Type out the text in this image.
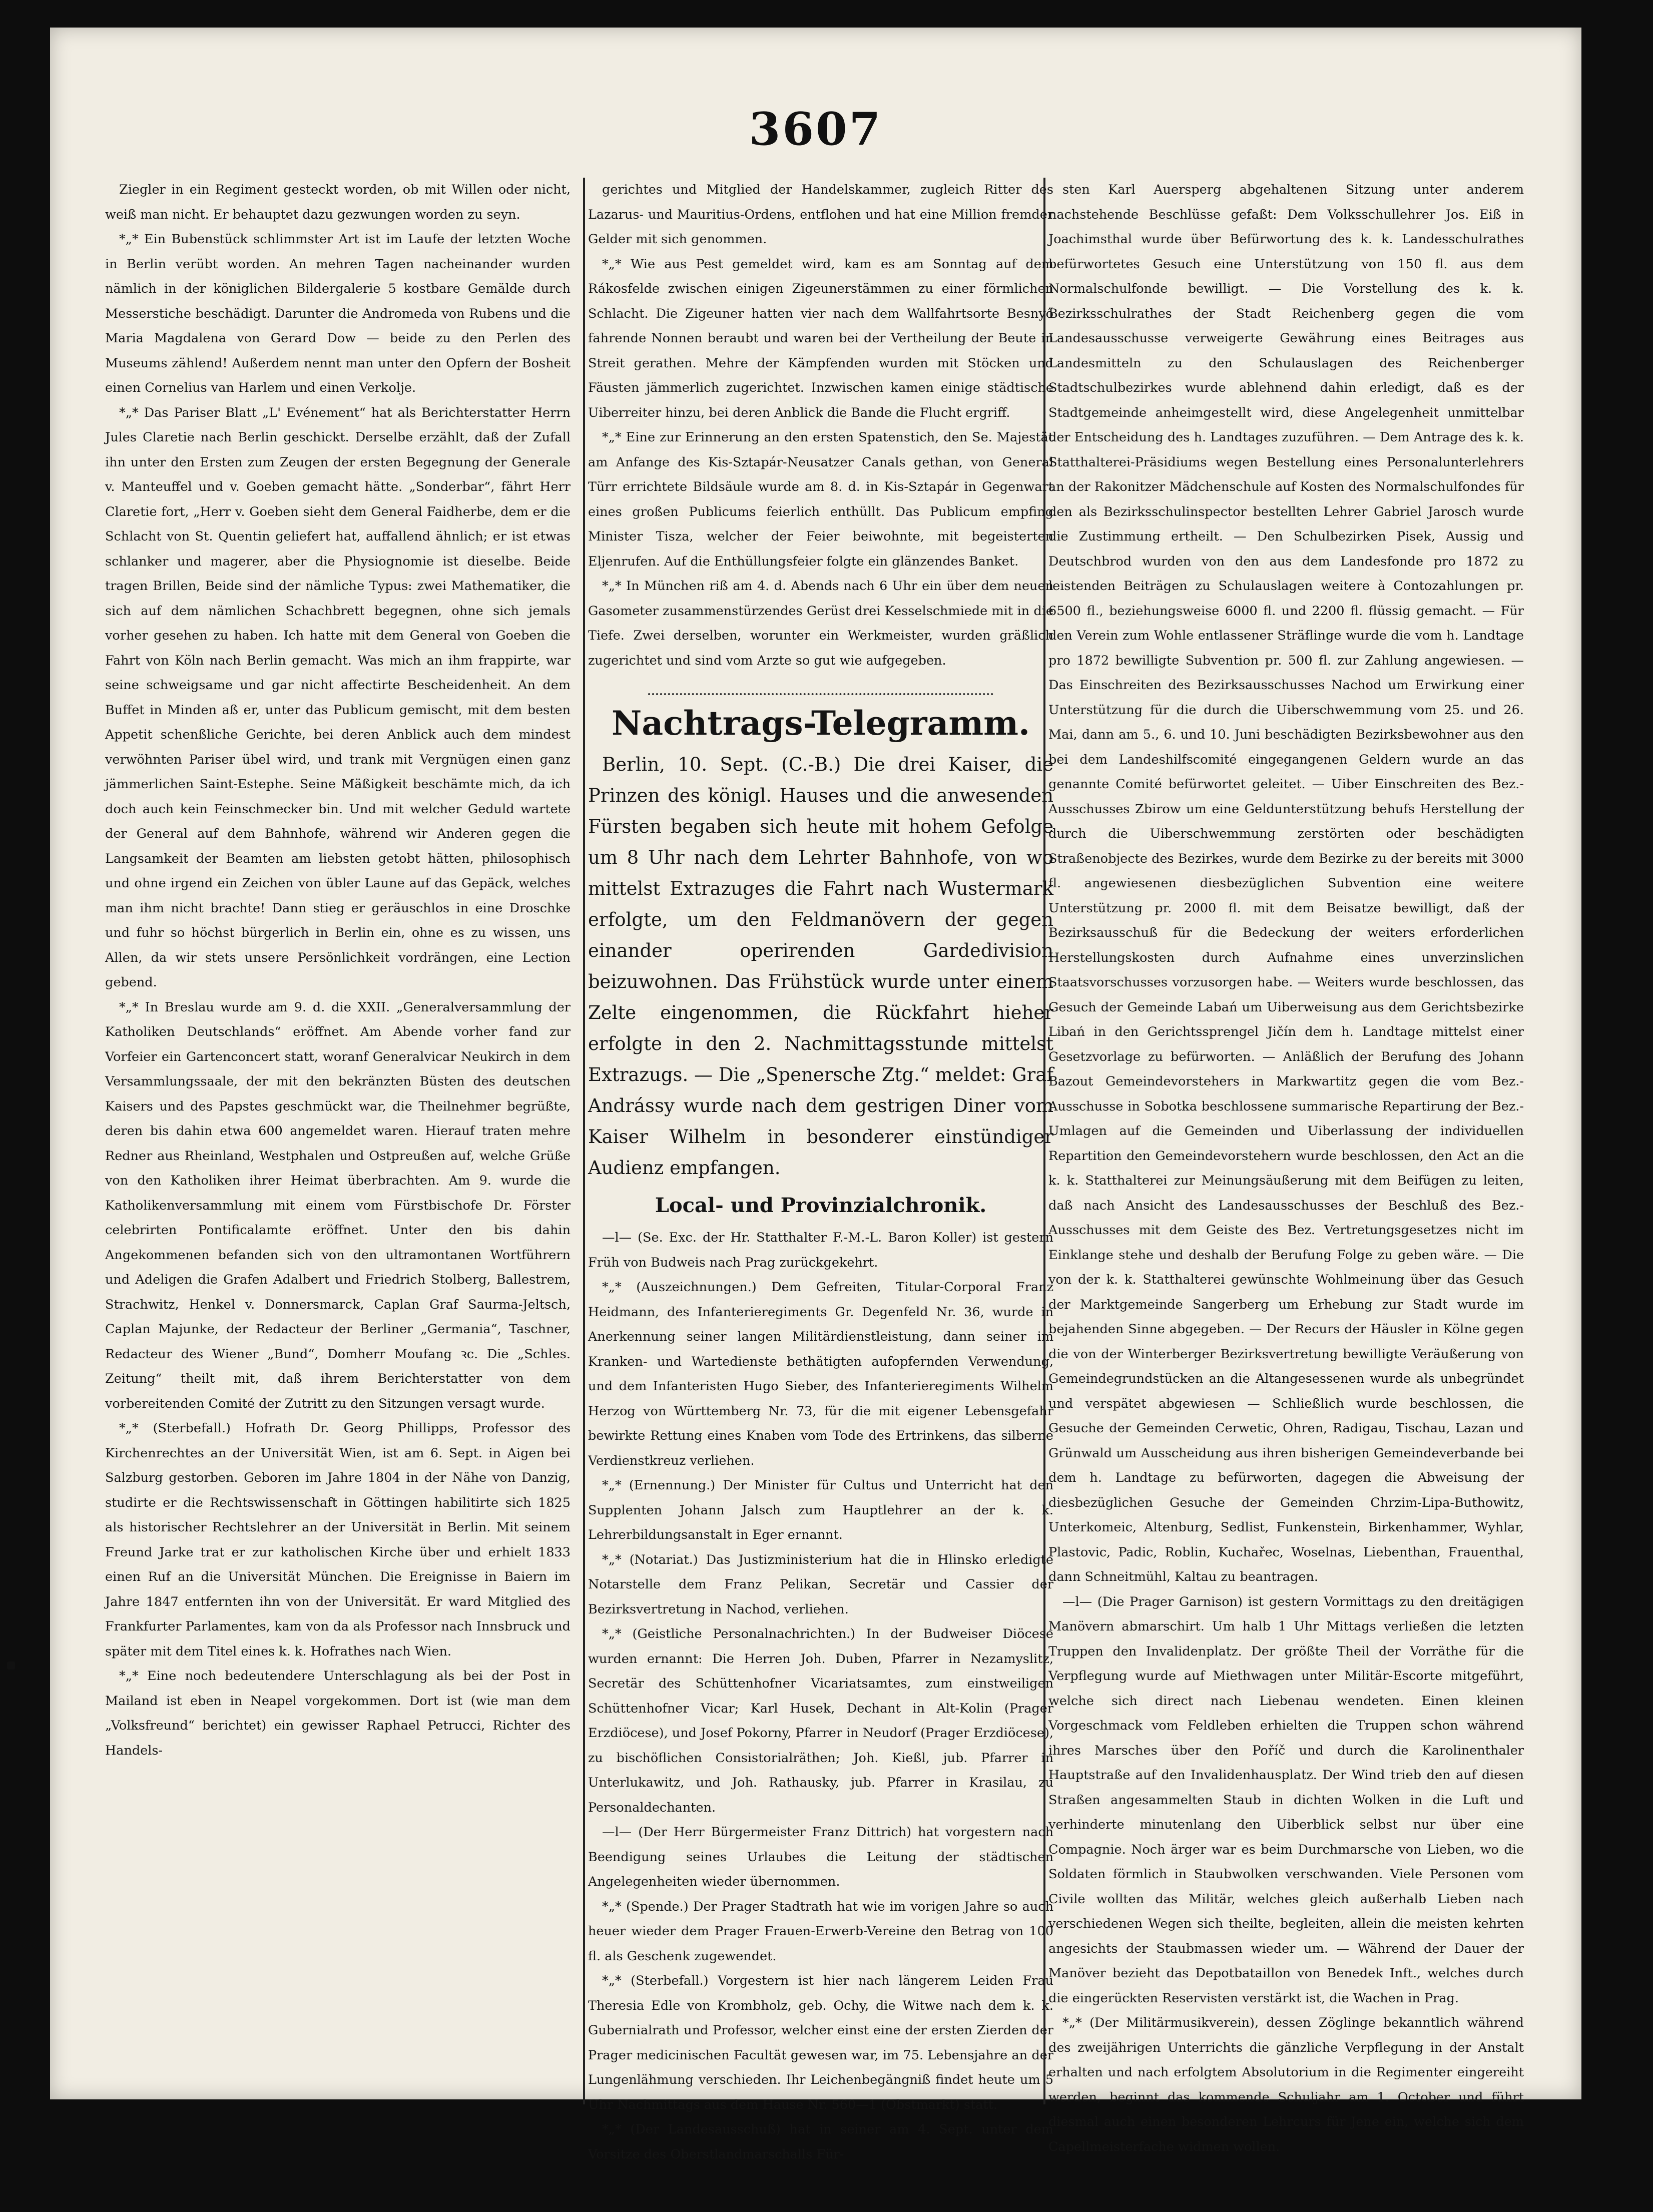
3607

Ziegler in ein Regiment gesteckt worden, ob mit Willen oder nicht, weiß man nicht. Er behauptet dazu gezwungen worden zu seyn.

*„* Ein Bubenstück schlimmster Art ist im Laufe der letzten Woche in Berlin verübt worden. An mehren Tagen nacheinander wurden nämlich in der königlichen Bildergalerie 5 kostbare Gemälde durch Messerstiche beschädigt. Darunter die Andromeda von Rubens und die Maria Magdalena von Gerard Dow — beide zu den Perlen des Museums zählend! Außerdem nennt man unter den Opfern der Bosheit einen Cornelius van Harlem und einen Verkolje.

*„* Das Pariser Blatt „L' Evénement“ hat als Berichterstatter Herrn Jules Claretie nach Berlin geschickt. Derselbe erzählt, daß der Zufall ihn unter den Ersten zum Zeugen der ersten Begegnung der Generale v. Manteuffel und v. Goeben gemacht hätte. „Sonderbar“, fährt Herr Claretie fort, „Herr v. Goeben sieht dem General Faidherbe, dem er die Schlacht von St. Quentin geliefert hat, auffallend ähnlich; er ist etwas schlanker und magerer, aber die Physiognomie ist dieselbe. Beide tragen Brillen, Beide sind der nämliche Typus: zwei Mathematiker, die sich auf dem nämlichen Schachbrett begegnen, ohne sich jemals vorher gesehen zu haben. Ich hatte mit dem General von Goeben die Fahrt von Köln nach Berlin gemacht. Was mich an ihm frappirte, war seine schweigsame und gar nicht affectirte Bescheidenheit. An dem Buffet in Minden aß er, unter das Publicum gemischt, mit dem besten Appetit schenßliche Gerichte, bei deren Anblick auch dem mindest verwöhnten Pariser übel wird, und trank mit Vergnügen einen ganz jämmerlichen Saint-Estephe. Seine Mäßigkeit beschämte mich, da ich doch auch kein Feinschmecker bin. Und mit welcher Geduld wartete der General auf dem Bahnhofe, während wir Anderen gegen die Langsamkeit der Beamten am liebsten getobt hätten, philosophisch und ohne irgend ein Zeichen von übler Laune auf das Gepäck, welches man ihm nicht brachte! Dann stieg er geräuschlos in eine Droschke und fuhr so höchst bürgerlich in Berlin ein, ohne es zu wissen, uns Allen, da wir stets unsere Persönlichkeit vordrängen, eine Lection gebend.

*„* In Breslau wurde am 9. d. die XXII. „Generalversammlung der Katholiken Deutschlands“ eröffnet. Am Abende vorher fand zur Vorfeier ein Gartenconcert statt, woranf Generalvicar Neukirch in dem Versammlungssaale, der mit den bekränzten Büsten des deutschen Kaisers und des Papstes geschmückt war, die Theilnehmer begrüßte, deren bis dahin etwa 600 angemeldet waren. Hierauf traten mehre Redner aus Rheinland, Westphalen und Ostpreußen auf, welche Grüße von den Katholiken ihrer Heimat überbrachten. Am 9. wurde die Katholikenversammlung mit einem vom Fürstbischofe Dr. Förster celebrirten Pontificalamte eröffnet. Unter den bis dahin Angekommenen befanden sich von den ultramontanen Wortführern und Adeligen die Grafen Adalbert und Friedrich Stolberg, Ballestrem, Strachwitz, Henkel v. Donnersmarck, Caplan Graf Saurma-Jeltsch, Caplan Majunke, der Redacteur der Berliner „Germania“, Taschner, Redacteur des Wiener „Bund“, Domherr Moufang ꝛc. Die „Schles. Zeitung“ theilt mit, daß ihrem Berichterstatter von dem vorbereitenden Comité der Zutritt zu den Sitzungen versagt wurde.

*„* (Sterbefall.) Hofrath Dr. Georg Phillipps, Professor des Kirchenrechtes an der Universität Wien, ist am 6. Sept. in Aigen bei Salzburg gestorben. Geboren im Jahre 1804 in der Nähe von Danzig, studirte er die Rechtswissenschaft in Göttingen habilitirte sich 1825 als historischer Rechtslehrer an der Universität in Berlin. Mit seinem Freund Jarke trat er zur katholischen Kirche über und erhielt 1833 einen Ruf an die Universität München. Die Ereignisse in Baiern im Jahre 1847 entfernten ihn von der Universität. Er ward Mitglied des Frankfurter Parlamentes, kam von da als Professor nach Innsbruck und später mit dem Titel eines k. k. Hofrathes nach Wien.

*„* Eine noch bedeutendere Unterschlagung als bei der Post in Mailand ist eben in Neapel vorgekommen. Dort ist (wie man dem „Volksfreund“ berichtet) ein gewisser Raphael Petrucci, Richter des Handels-

gerichtes und Mitglied der Handelskammer, zugleich Ritter des Lazarus- und Mauritius-Ordens, entflohen und hat eine Million fremder Gelder mit sich genommen.

*„* Wie aus Pest gemeldet wird, kam es am Sonntag auf dem Rákosfelde zwischen einigen Zigeunerstämmen zu einer förmlichen Schlacht. Die Zigeuner hatten vier nach dem Wallfahrtsorte Besnyő fahrende Nonnen beraubt und waren bei der Vertheilung der Beute in Streit gerathen. Mehre der Kämpfenden wurden mit Stöcken und Fäusten jämmerlich zugerichtet. Inzwischen kamen einige städtische Uiberreiter hinzu, bei deren Anblick die Bande die Flucht ergriff.

*„* Eine zur Erinnerung an den ersten Spatenstich, den Se. Majestät am Anfange des Kis-Sztapár-Neusatzer Canals gethan, von General Türr errichtete Bildsäule wurde am 8. d. in Kis-Sztapár in Gegenwart eines großen Publicums feierlich enthüllt. Das Publicum empfing Minister Tisza, welcher der Feier beiwohnte, mit begeisterten Eljenrufen. Auf die Enthüllungsfeier folgte ein glänzendes Banket.

*„* In München riß am 4. d. Abends nach 6 Uhr ein über dem neuen Gasometer zusammenstürzendes Gerüst drei Kesselschmiede mit in die Tiefe. Zwei derselben, worunter ein Werkmeister, wurden gräßlich zugerichtet und sind vom Arzte so gut wie aufgegeben.

Nachtrags-Telegramm.

Berlin, 10. Sept. (C.-B.) Die drei Kaiser, die Prinzen des königl. Hauses und die anwesenden Fürsten begaben sich heute mit hohem Gefolge um 8 Uhr nach dem Lehrter Bahnhofe, von wo mittelst Extrazuges die Fahrt nach Wustermark erfolgte, um den Feldmanövern der gegen einander operirenden Gardedivision beizuwohnen. Das Frühstück wurde unter einem Zelte eingenommen, die Rückfahrt hieher erfolgte in den 2. Nachmittagsstunde mittelst Extrazugs. — Die „Spenersche Ztg.“ meldet: Graf Andrássy wurde nach dem gestrigen Diner vom Kaiser Wilhelm in besonderer einstündiger Audienz empfangen.

Local- und Provinzialchronik.

—l— (Se. Exc. der Hr. Statthalter F.-M.-L. Baron Koller) ist gestern Früh von Budweis nach Prag zurückgekehrt.

*„* (Auszeichnungen.) Dem Gefreiten, Titular-Corporal Franz Heidmann, des Infanterieregiments Gr. Degenfeld Nr. 36, wurde in Anerkennung seiner langen Militärdienstleistung, dann seiner im Kranken- und Wartedienste bethätigten aufopfernden Verwendung, und dem Infanteristen Hugo Sieber, des Infanterieregiments Wilhelm Herzog von Württemberg Nr. 73, für die mit eigener Lebensgefahr bewirkte Rettung eines Knaben vom Tode des Ertrinkens, das silberne Verdienstkreuz verliehen.

*„* (Ernennung.) Der Minister für Cultus und Unterricht hat den Supplenten Johann Jalsch zum Hauptlehrer an der k. k. Lehrerbildungsanstalt in Eger ernannt.

*„* (Notariat.) Das Justizministerium hat die in Hlinsko erledigte Notarstelle dem Franz Pelikan, Secretär und Cassier der Bezirksvertretung in Nachod, verliehen.

*„* (Geistliche Personalnachrichten.) In der Budweiser Diöcese wurden ernannt: Die Herren Joh. Duben, Pfarrer in Nezamyslitz, Secretär des Schüttenhofner Vicariatsamtes, zum einstweiligen Schüttenhofner Vicar; Karl Husek, Dechant in Alt-Kolin (Prager Erzdiöcese), und Josef Pokorny, Pfarrer in Neudorf (Prager Erzdiöcese), zu bischöflichen Consistorialräthen; Joh. Kießl, jub. Pfarrer in Unterlukawitz, und Joh. Rathausky, jub. Pfarrer in Krasilau, zu Personaldechanten.

—l— (Der Herr Bürgermeister Franz Dittrich) hat vorgestern nach Beendigung seines Urlaubes die Leitung der städtischen Angelegenheiten wieder übernommen.

*„* (Spende.) Der Prager Stadtrath hat wie im vorigen Jahre so auch heuer wieder dem Prager Frauen-Erwerb-Vereine den Betrag von 100 fl. als Geschenk zugewendet.

*„* (Sterbefall.) Vorgestern ist hier nach längerem Leiden Frau Theresia Edle von Krombholz, geb. Ochy, die Witwe nach dem k. k. Gubernialrath und Professor, welcher einst eine der ersten Zierden der Prager medicinischen Facultät gewesen war, im 75. Lebensjahre an der Lungenlähmung verschieden. Ihr Leichenbegängniß findet heute um 5 Uhr Nachmittags aus dem Hause Nr. 560—1 (Obstmarkt) statt.

*„* (Der Landesausschuß) hat in seiner am 4. Sept. unter dem Vorsitze des Oberstlandmarschalls Für-

sten Karl Auersperg abgehaltenen Sitzung unter anderem nachstehende Beschlüsse gefaßt: Dem Volksschullehrer Jos. Eiß in Joachimsthal wurde über Befürwortung des k. k. Landesschulrathes befürwortetes Gesuch eine Unterstützung von 150 fl. aus dem Normalschulfonde bewilligt. — Die Vorstellung des k. k. Bezirksschulrathes der Stadt Reichenberg gegen die vom Landesausschusse verweigerte Gewährung eines Beitrages aus Landesmitteln zu den Schulauslagen des Reichenberger Stadtschulbezirkes wurde ablehnend dahin erledigt, daß es der Stadtgemeinde anheimgestellt wird, diese Angelegenheit unmittelbar der Entscheidung des h. Landtages zuzuführen. — Dem Antrage des k. k. Statthalterei-Präsidiums wegen Bestellung eines Personalunterlehrers an der Rakonitzer Mädchenschule auf Kosten des Normalschulfondes für den als Bezirksschulinspector bestellten Lehrer Gabriel Jarosch wurde die Zustimmung ertheilt. — Den Schulbezirken Pisek, Aussig und Deutschbrod wurden von den aus dem Landesfonde pro 1872 zu leistenden Beiträgen zu Schulauslagen weitere à Contozahlungen pr. 6500 fl., beziehungsweise 6000 fl. und 2200 fl. flüssig gemacht. — Für den Verein zum Wohle entlassener Sträflinge wurde die vom h. Landtage pro 1872 bewilligte Subvention pr. 500 fl. zur Zahlung angewiesen. — Das Einschreiten des Bezirksausschusses Nachod um Erwirkung einer Unterstützung für die durch die Uiberschwemmung vom 25. und 26. Mai, dann am 5., 6. und 10. Juni beschädigten Bezirksbewohner aus den bei dem Landeshilfscomité eingegangenen Geldern wurde an das genannte Comité befürwortet geleitet. — Uiber Einschreiten des Bez.-Ausschusses Zbirow um eine Geldunterstützung behufs Herstellung der durch die Uiberschwemmung zerstörten oder beschädigten Straßenobjecte des Bezirkes, wurde dem Bezirke zu der bereits mit 3000 fl. angewiesenen diesbezüglichen Subvention eine weitere Unterstützung pr. 2000 fl. mit dem Beisatze bewilligt, daß der Bezirksausschuß für die Bedeckung der weiters erforderlichen Herstellungskosten durch Aufnahme eines unverzinslichen Staatsvorschusses vorzusorgen habe. — Weiters wurde beschlossen, das Gesuch der Gemeinde Labań um Uiberweisung aus dem Gerichtsbezirke Libań in den Gerichtssprengel Jičín dem h. Landtage mittelst einer Gesetzvorlage zu befürworten. — Anläßlich der Berufung des Johann Bazout Gemeindevorstehers in Markwartitz gegen die vom Bez.-Ausschusse in Sobotka beschlossene summarische Repartirung der Bez.-Umlagen auf die Gemeinden und Uiberlassung der individuellen Repartition den Gemeindevorstehern wurde beschlossen, den Act an die k. k. Statthalterei zur Meinungsäußerung mit dem Beifügen zu leiten, daß nach Ansicht des Landesausschusses der Beschluß des Bez.-Ausschusses mit dem Geiste des Bez. Vertretungsgesetzes nicht im Einklange stehe und deshalb der Berufung Folge zu geben wäre. — Die von der k. k. Statthalterei gewünschte Wohlmeinung über das Gesuch der Marktgemeinde Sangerberg um Erhebung zur Stadt wurde im bejahenden Sinne abgegeben. — Der Recurs der Häusler in Kölne gegen die von der Winterberger Bezirksvertretung bewilligte Veräußerung von Gemeindegrundstücken an die Altangesessenen wurde als unbegründet und verspätet abgewiesen — Schließlich wurde beschlossen, die Gesuche der Gemeinden Cerwetic, Ohren, Radigau, Tischau, Lazan und Grünwald um Ausscheidung aus ihren bisherigen Gemeindeverbande bei dem h. Landtage zu befürworten, dagegen die Abweisung der diesbezüglichen Gesuche der Gemeinden Chrzim-Lipa-Buthowitz, Unterkomeic, Altenburg, Sedlist, Funkenstein, Birkenhammer, Wyhlar, Plastovic, Padic, Roblin, Kuchařec, Woselnas, Liebenthan, Frauenthal, dann Schneitmühl, Kaltau zu beantragen.

—l— (Die Prager Garnison) ist gestern Vormittags zu den dreitägigen Manövern abmarschirt. Um halb 1 Uhr Mittags verließen die letzten Truppen den Invalidenplatz. Der größte Theil der Vorräthe für die Verpflegung wurde auf Miethwagen unter Militär-Escorte mitgeführt, welche sich direct nach Liebenau wendeten. Einen kleinen Vorgeschmack vom Feldleben erhielten die Truppen schon während ihres Marsches über den Poříč und durch die Karolinenthaler Hauptstraße auf den Invalidenhausplatz. Der Wind trieb den auf diesen Straßen angesammelten Staub in dichten Wolken in die Luft und verhinderte minutenlang den Uiberblick selbst nur über eine Compagnie. Noch ärger war es beim Durchmarsche von Lieben, wo die Soldaten förmlich in Staubwolken verschwanden. Viele Personen vom Civile wollten das Militär, welches gleich außerhalb Lieben nach verschiedenen Wegen sich theilte, begleiten, allein die meisten kehrten angesichts der Staubmassen wieder um. — Während der Dauer der Manöver bezieht das Depotbataillon von Benedek Inft., welches durch die eingerückten Reservisten verstärkt ist, die Wachen in Prag.

*„* (Der Militärmusikverein), dessen Zöglinge bekanntlich während des zweijährigen Unterrichts die gänzliche Verpflegung in der Anstalt erhalten und nach erfolgtem Absolutorium in die Regimenter eingereiht werden, beginnt das kommende Schuljahr am 1. October und führt diesmal auch einen besonderen Lehrcurs für Jene ein, welche sich dem Capellmeisterfache widmen wollen.
